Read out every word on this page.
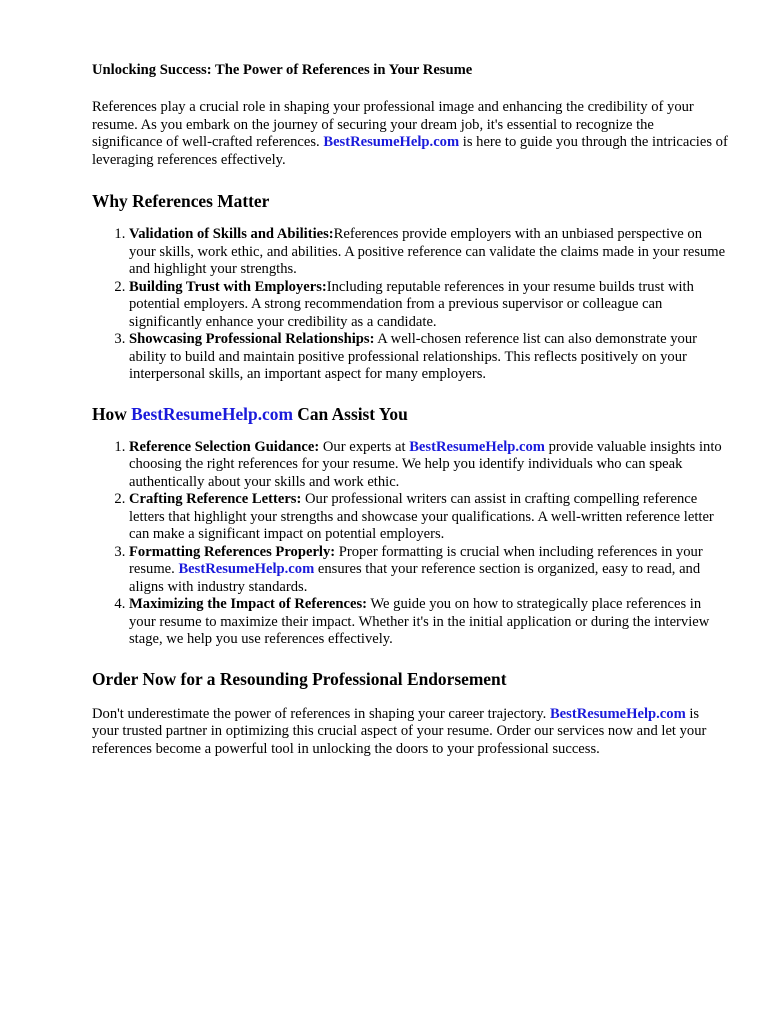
Unlocking Success: The Power of References in Your Resume

References play a crucial role in shaping your professional image and enhancing the credibility of your resume. As you embark on the journey of securing your dream job, it's essential to recognize the significance of well-crafted references. BestResumeHelp.com is here to guide you through the intricacies of leveraging references effectively.

Why References Matter
1. Validation of Skills and Abilities:References provide employers with an unbiased perspective on your skills, work ethic, and abilities. A positive reference can validate the claims made in your resume and highlight your strengths.
2. Building Trust with Employers:Including reputable references in your resume builds trust with potential employers. A strong recommendation from a previous supervisor or colleague can significantly enhance your credibility as a candidate.
3. Showcasing Professional Relationships: A well-chosen reference list can also demonstrate your ability to build and maintain positive professional relationships. This reflects positively on your interpersonal skills, an important aspect for many employers.
How BestResumeHelp.com Can Assist You
1. Reference Selection Guidance: Our experts at BestResumeHelp.com provide valuable insights into choosing the right references for your resume. We help you identify individuals who can speak authentically about your skills and work ethic.
2. Crafting Reference Letters: Our professional writers can assist in crafting compelling reference letters that highlight your strengths and showcase your qualifications. A well-written reference letter can make a significant impact on potential employers.
3. Formatting References Properly: Proper formatting is crucial when including references in your resume. BestResumeHelp.com ensures that your reference section is organized, easy to read, and aligns with industry standards.
4. Maximizing the Impact of References: We guide you on how to strategically place references in your resume to maximize their impact. Whether it's in the initial application or during the interview stage, we help you use references effectively.
Order Now for a Resounding Professional Endorsement

Don't underestimate the power of references in shaping your career trajectory. BestResumeHelp.com is your trusted partner in optimizing this crucial aspect of your resume. Order our services now and let your references become a powerful tool in unlocking the doors to your professional success.
